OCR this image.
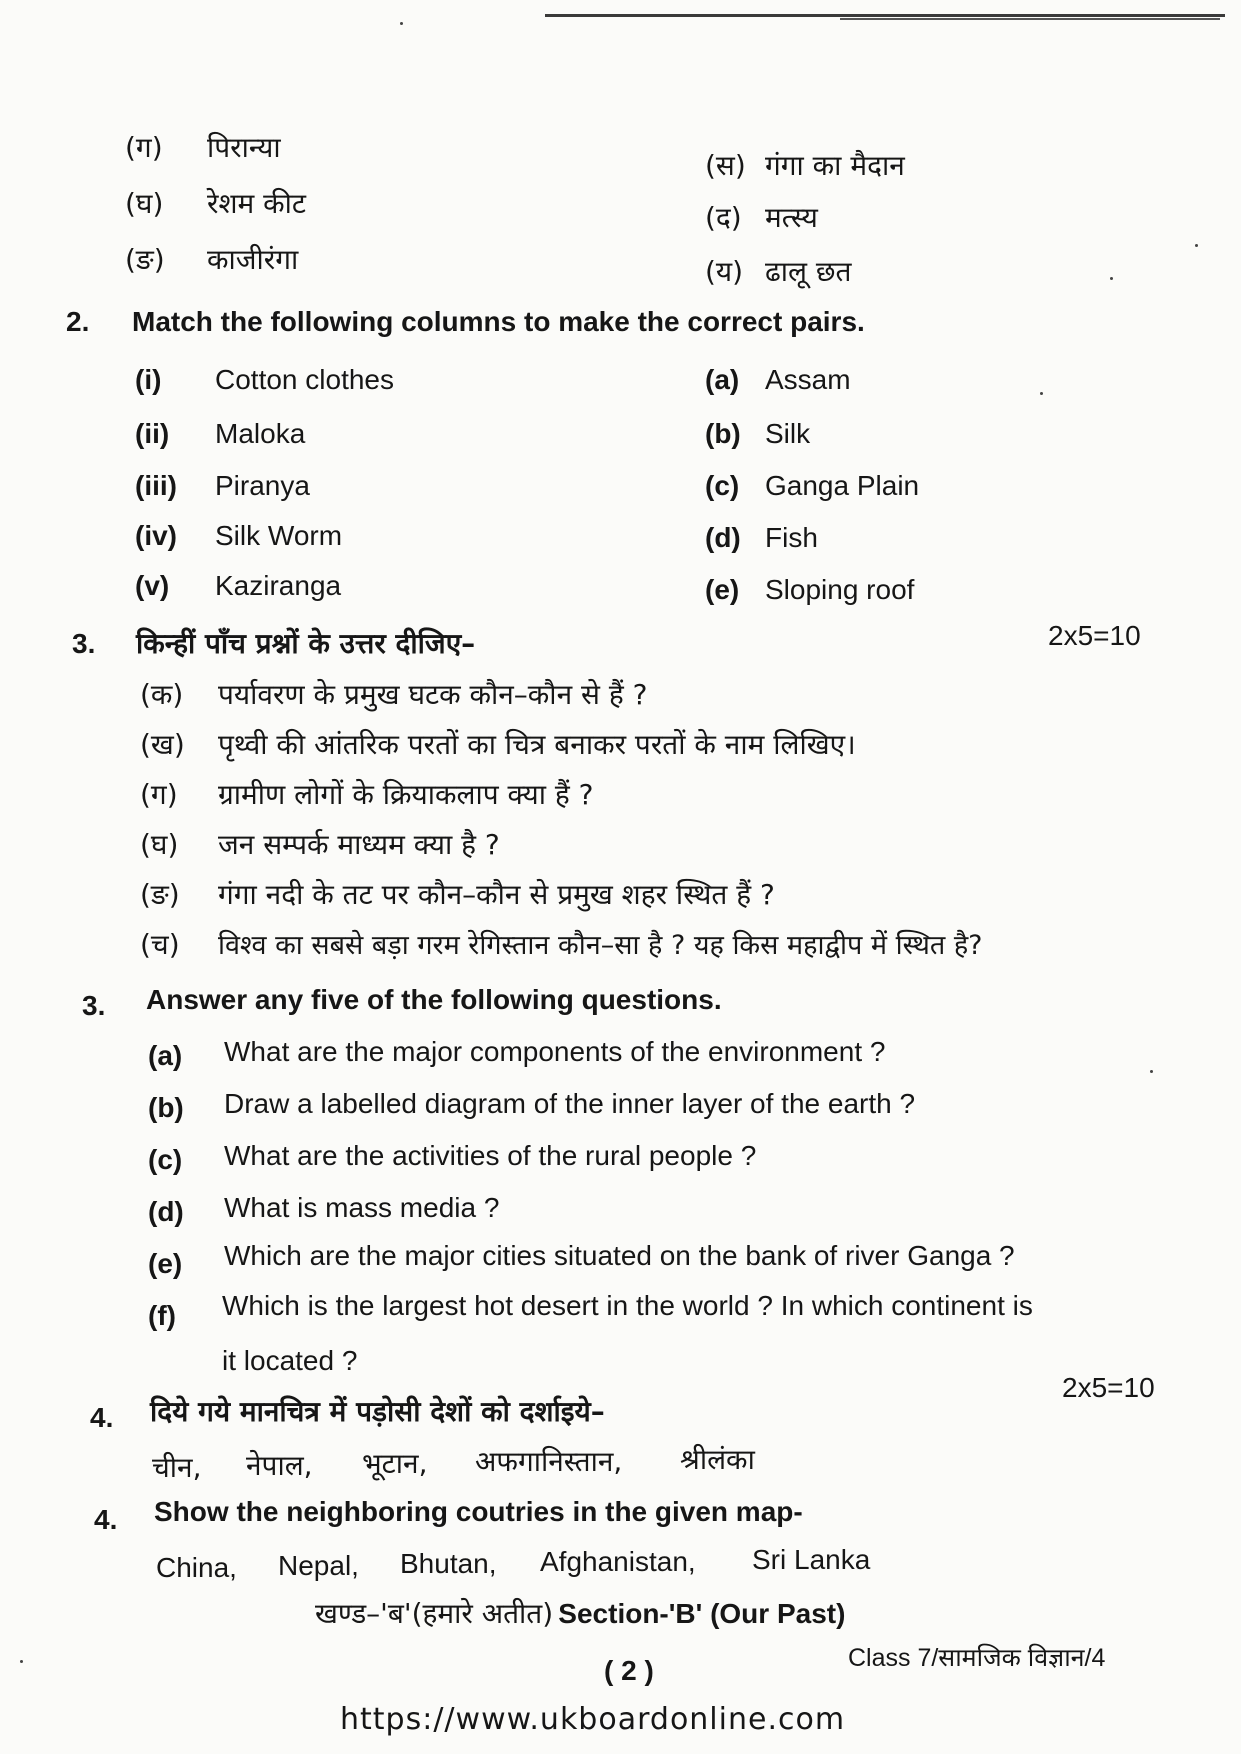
(ग) पिरान्या
(घ) रेशम कीट
(ङ) काजीरंगा
(स) गंगा का मैदान
(द) मत्स्य
(य) ढालू छत
2. Match the following columns to make the correct pairs.
(i) Cotton clothes
(ii) Maloka
(iii) Piranya
(iv) Silk Worm
(v) Kaziranga
(a) Assam
(b) Silk
(c) Ganga Plain
(d) Fish
(e) Sloping roof
3. किन्हीं पाँच प्रश्नों के उत्तर दीजिए–	2x5=10
(क) पर्यावरण के प्रमुख घटक कौन–कौन से हैं ?
(ख) पृथ्वी की आंतरिक परतों का चित्र बनाकर परतों के नाम लिखिए।
(ग) ग्रामीण लोगों के क्रियाकलाप क्या हैं ?
(घ) जन सम्पर्क माध्यम क्या है ?
(ङ) गंगा नदी के तट पर कौन–कौन से प्रमुख शहर स्थित हैं ?
(च) विश्व का सबसे बड़ा गरम रेगिस्तान कौन–सा है ? यह किस महाद्वीप में स्थित है?
3. Answer any five of the following questions.
(a) What are the major components of the environment ?
(b) Draw a labelled diagram of the inner layer of the earth ?
(c) What are the activities of the rural people ?
(d) What is mass media ?
(e) Which are the major cities situated on the bank of river Ganga ?
(f) Which is the largest hot desert in the world ? In which continent is
it located ?
4. दिये गये मानचित्र में पड़ोसी देशों को दर्शाइये–
2x5=10
चीन, नेपाल, भूटान, अफगानिस्तान, श्रीलंका
4. Show the neighboring coutries in the given map-
China, Nepal, Bhutan, Afghanistan, Sri Lanka
खण्ड–'ब'(हमारे अतीत) Section-'B' (Our Past)
( 2 )	Class 7/सामजिक विज्ञान/4
https://www.ukboardonline.com
